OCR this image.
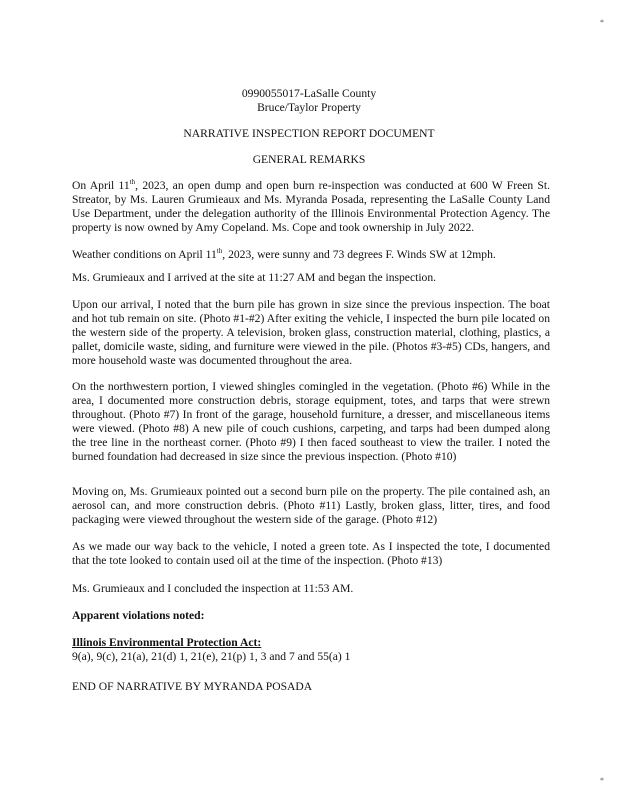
0990055017-LaSalle County
Bruce/Taylor Property
NARRATIVE INSPECTION REPORT DOCUMENT
GENERAL REMARKS
On April 11th, 2023, an open dump and open burn re-inspection was conducted at 600 W Freen St. Streator, by Ms. Lauren Grumieaux and Ms. Myranda Posada, representing the LaSalle County Land Use Department, under the delegation authority of the Illinois Environmental Protection Agency. The property is now owned by Amy Copeland. Ms. Cope and took ownership in July 2022.
Weather conditions on April 11th, 2023, were sunny and 73 degrees F. Winds SW at 12mph.
Ms. Grumieaux and I arrived at the site at 11:27 AM and began the inspection.
Upon our arrival, I noted that the burn pile has grown in size since the previous inspection. The boat and hot tub remain on site. (Photo #1-#2) After exiting the vehicle, I inspected the burn pile located on the western side of the property. A television, broken glass, construction material, clothing, plastics, a pallet, domicile waste, siding, and furniture were viewed in the pile. (Photos #3-#5) CDs, hangers, and more household waste was documented throughout the area.
On the northwestern portion, I viewed shingles comingled in the vegetation. (Photo #6) While in the area, I documented more construction debris, storage equipment, totes, and tarps that were strewn throughout. (Photo #7) In front of the garage, household furniture, a dresser, and miscellaneous items were viewed. (Photo #8) A new pile of couch cushions, carpeting, and tarps had been dumped along the tree line in the northeast corner. (Photo #9) I then faced southeast to view the trailer. I noted the burned foundation had decreased in size since the previous inspection. (Photo #10)
Moving on, Ms. Grumieaux pointed out a second burn pile on the property. The pile contained ash, an aerosol can, and more construction debris. (Photo #11) Lastly, broken glass, litter, tires, and food packaging were viewed throughout the western side of the garage. (Photo #12)
As we made our way back to the vehicle, I noted a green tote. As I inspected the tote, I documented that the tote looked to contain used oil at the time of the inspection. (Photo #13)
Ms. Grumieaux and I concluded the inspection at 11:53 AM.
Apparent violations noted:
Illinois Environmental Protection Act:
9(a), 9(c), 21(a), 21(d) 1, 21(e), 21(p) 1, 3 and 7 and 55(a) 1
END OF NARRATIVE BY MYRANDA POSADA
*
*
